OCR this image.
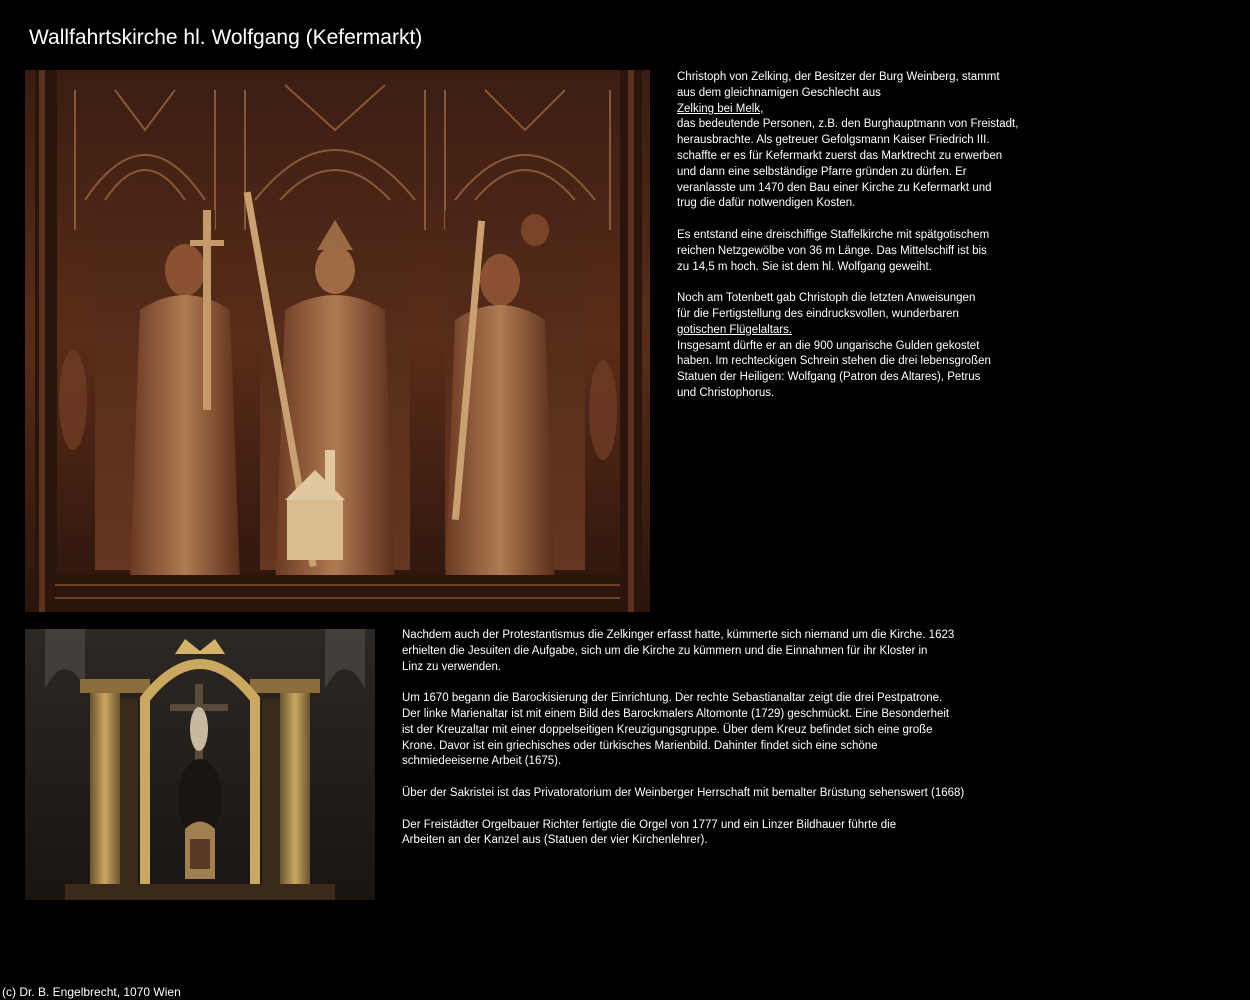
Wallfahrtskirche hl. Wolfgang (Kefermarkt)

Christoph von Zelking, der Besitzer der Burg Weinberg, stammt
aus dem gleichnamigen Geschlecht aus

Zelking bei Melk,

das bedeutende Personen, z.B. den Burghauptmann von Freistadt,
herausbrachte. Als getreuer Gefolgsmann Kaiser Friedrich III.
schaffte er es für Kefermarkt zuerst das Marktrecht zu erwerben
und dann eine selbständige Pfarre gründen zu dürfen. Er
veranlasste um 1470 den Bau einer Kirche zu Kefermarkt und
trug die dafür notwendigen Kosten.

Es entstand eine dreischiffige Staffelkirche mit spätgotischem
reichen Netzgewölbe von 36 m Länge. Das Mittelschiff ist bis
zu 14,5 m hoch. Sie ist dem hl. Wolfgang geweiht.

Noch am Totenbett gab Christoph die letzten Anweisungen
für die Fertigstellung des eindrucksvollen, wunderbaren

gotischen Flügelaltars.

Insgesamt dürfte er an die 900 ungarische Gulden gekostet
haben. Im rechteckigen Schrein stehen die drei lebensgroßen
Statuen der Heiligen: Wolfgang (Patron des Altares), Petrus
und Christophorus.

Nachdem auch der Protestantismus die Zelkinger erfasst hatte, kümmerte sich niemand um die Kirche. 1623
erhielten die Jesuiten die Aufgabe, sich um die Kirche zu kümmern und die Einnahmen für ihr Kloster in
Linz zu verwenden.

Um 1670 begann die Barockisierung der Einrichtung. Der rechte Sebastianaltar zeigt die drei Pestpatrone.
Der linke Marienaltar ist mit einem Bild des Barockmalers Altomonte (1729) geschmückt. Eine Besonderheit
ist der Kreuzaltar mit einer doppelseitigen Kreuzigungsgruppe. Über dem Kreuz befindet sich eine große
Krone. Davor ist ein griechisches oder türkisches Marienbild. Dahinter findet sich eine schöne
schmiedeeiserne Arbeit (1675).

Über der Sakristei ist das Privatoratorium der Weinberger Herrschaft mit bemalter Brüstung sehenswert (1668)

Der Freistädter Orgelbauer Richter fertigte die Orgel von 1777 und ein Linzer Bildhauer führte die
Arbeiten an der Kanzel aus (Statuen der vier Kirchenlehrer).

(c) Dr. B. Engelbrecht, 1070 Wien
